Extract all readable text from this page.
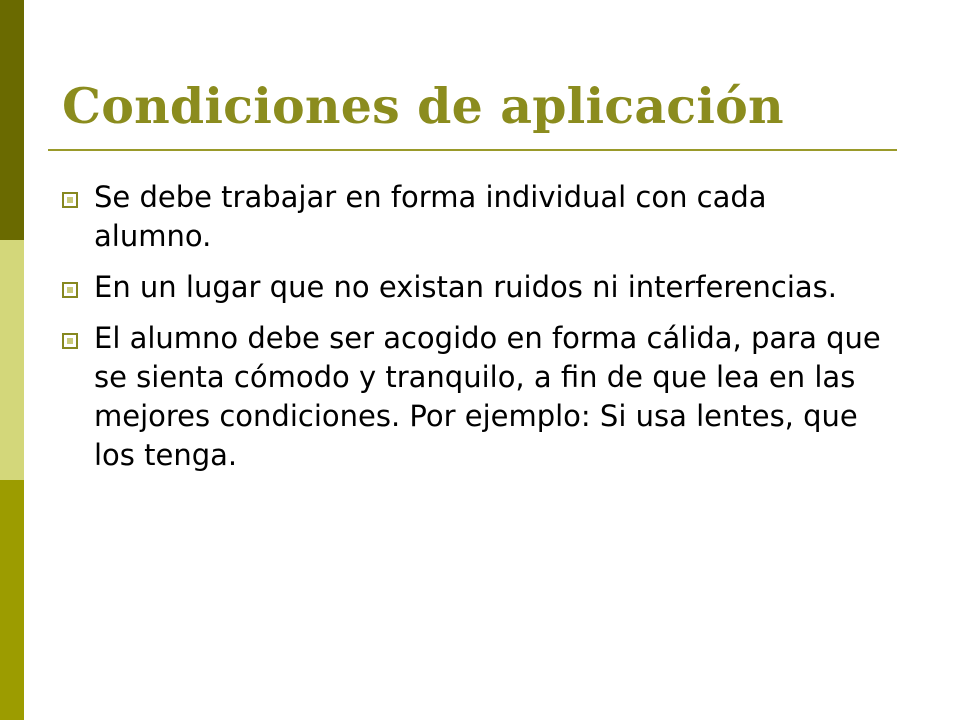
Condiciones de aplicación
Se debe trabajar en forma individual con cada alumno.
En un lugar que no existan ruidos ni interferencias.
El alumno debe ser acogido en forma cálida, para que se sienta cómodo y tranquilo, a fin de que lea en las mejores condiciones. Por ejemplo: Si usa lentes, que los tenga.
